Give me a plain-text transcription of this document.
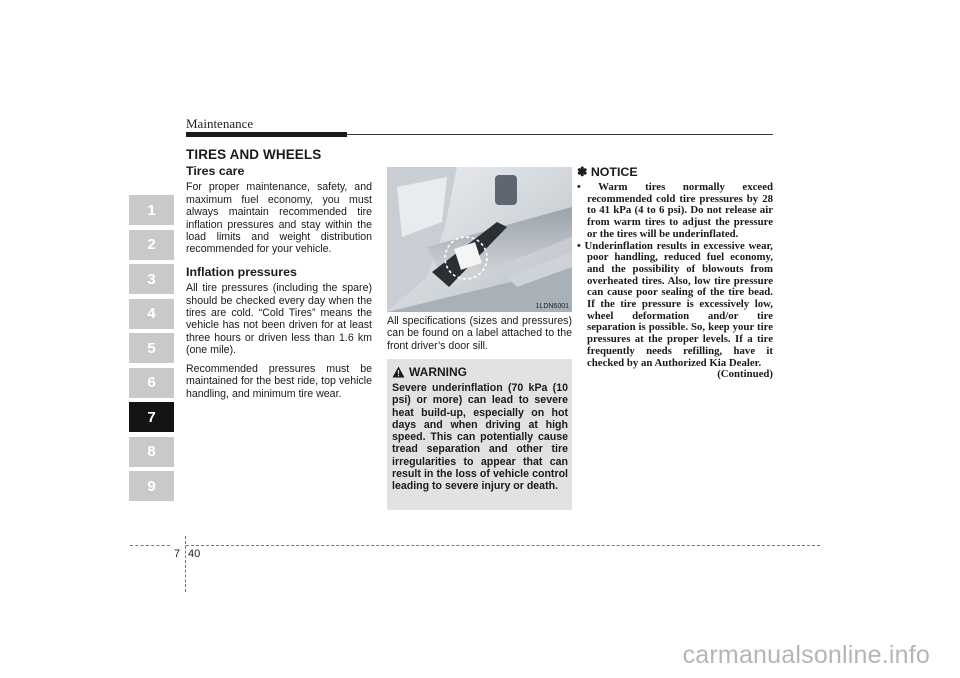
Maintenance
TIRES AND WHEELS
1
2
3
4
5
6
7
8
9
Tires care

For proper maintenance, safety, and maximum fuel economy, you must always maintain recommended tire inflation pressures and stay within the load limits and weight distribution recommended for your vehicle.

Inflation pressures

All tire pressures (including the spare) should be checked every day when the tires are cold. “Cold Tires” means the vehicle has not been driven for at least three hours or driven less than 1.6 km (one mile).

Recommended pressures must be maintained for the best ride, top vehicle handling, and minimum tire wear.

1LDN6001
All specifications (sizes and pressures) can be found on a label attached to the front driver’s door sill.
WARNING
Severe underinflation (70 kPa (10 psi) or more) can lead to severe heat build-up, especially on hot days and when driving at high speed. This can potentially cause tread separation and other tire irregularities to appear that can result in the loss of vehicle control leading to severe injury or death.
✽ NOTICE

• Warm tires normally exceed recommended cold tire pressures by 28 to 41 kPa (4 to 6 psi). Do not release air from warm tires to adjust the pressure or the tires will be underinflated.

• Underinflation results in excessive wear, poor handling, reduced fuel economy, and the possibility of blowouts from overheated tires. Also, low tire pressure can cause poor sealing of the tire bead. If the tire pressure is excessively low, wheel deformation and/or tire separation is possible. So, keep your tire pressures at the proper levels. If a tire frequently needs refilling, have it checked by an Authorized Kia Dealer.

(Continued)
7 40
carmanualsonline.info
